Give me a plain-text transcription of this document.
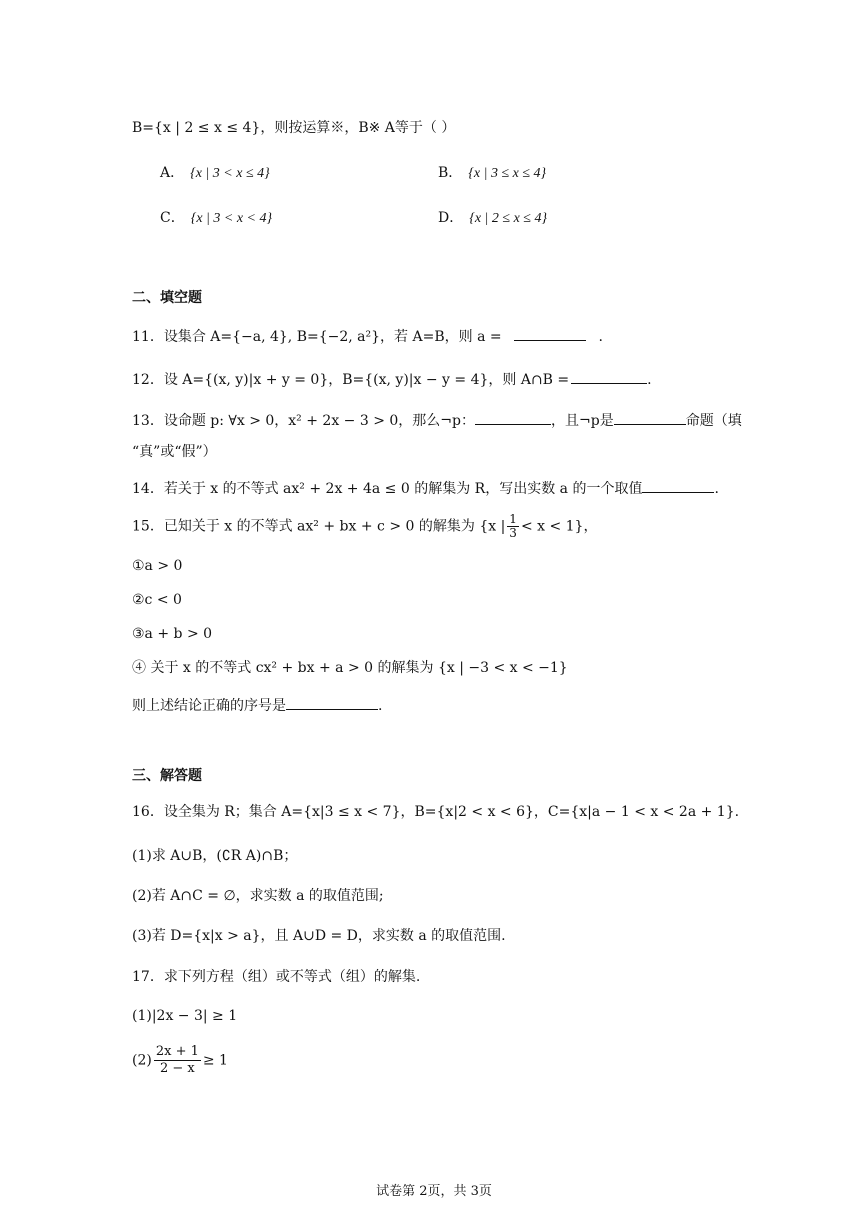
B={x | 2 ≤ x ≤ 4}，则按运算※，B※ A等于（ ）
A． {x | 3 < x ≤ 4}	B． {x | 3 ≤ x ≤ 4}
C． {x | 3 < x < 4}	D． {x | 2 ≤ x ≤ 4}
二、填空题
11．设集合 A={−a, 4}, B={−2, a²}，若 A=B，则 a =	.
12．设 A={(x, y)|x + y = 0}，B={(x, y)|x − y = 4}，则 A∩B =	.
13．设命题 p: ∀x > 0，x² + 2x − 3 > 0，那么¬p：	，且¬p是	命题（填
“真”或“假”）
14．若关于 x 的不等式 ax² + 2x + 4a ≤ 0 的解集为 R，写出实数 a 的一个取值	.
15．已知关于 x 的不等式 ax² + bx + c > 0 的解集为 {x | $\frac{1}{3} < x < 1$}，
①a > 0
②c < 0
③a + b > 0
④ 关于 x 的不等式 cx² + bx + a > 0 的解集为 {x | −3 < x < −1}
则上述结论正确的序号是	.
三、解答题
16．设全集为 R；集合 A={x|3 ≤ x < 7}，B={x|2 < x < 6}，C={x|a − 1 < x < 2a + 1}.
(1)求 A∪B，(∁R A)∩B；
(2)若 A∩C = ∅，求实数 a 的取值范围;
(3)若 D={x|x > a}，且 A∪D = D，求实数 a 的取值范围.
17．求下列方程（组）或不等式（组）的解集.
(1)|2x − 3| ≥ 1
$(2) \frac{2x + 1}{2 - x} \ge 1$
试卷第 2页，共 3页
